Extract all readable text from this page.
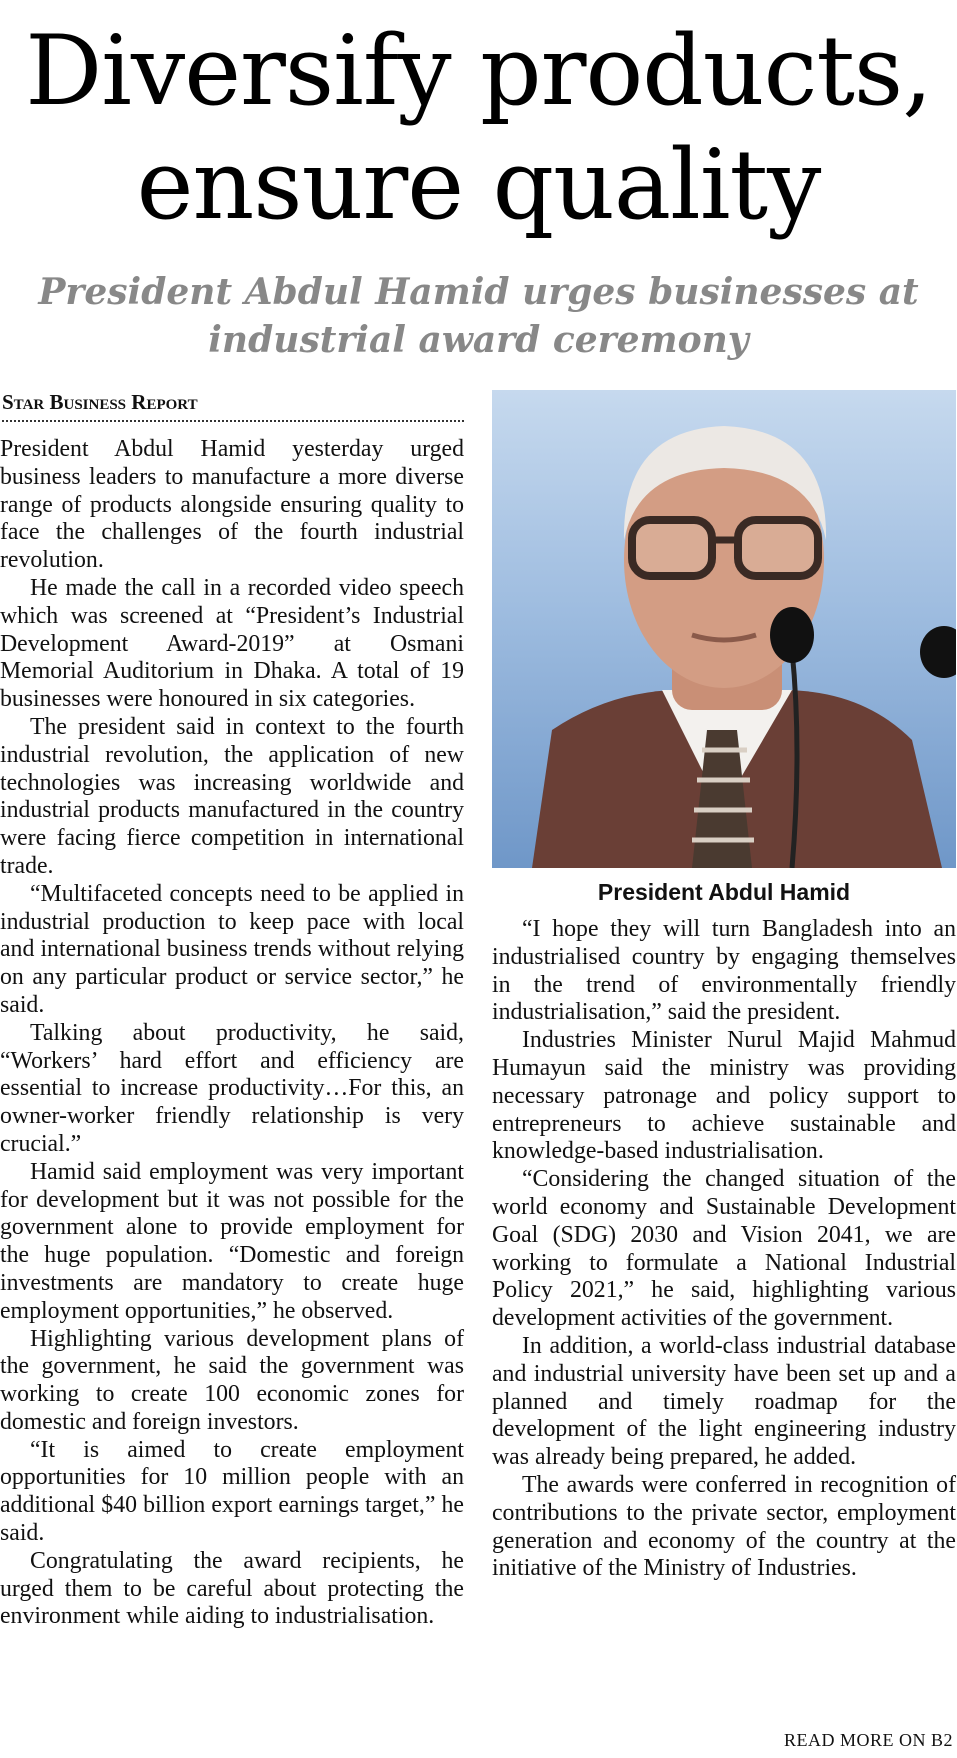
Diversify products,
ensure quality
President Abdul Hamid urges businesses at
industrial award ceremony
Star Business Report

President Abdul Hamid yesterday urged business leaders to manufacture a more diverse range of products alongside ensuring quality to face the challenges of the fourth industrial revolution.

He made the call in a recorded video speech which was screened at “President’s Industrial Development Award-2019” at Osmani Memorial Auditorium in Dhaka. A total of 19 businesses were honoured in six categories.

The president said in context to the fourth industrial revolution, the application of new technologies was increasing worldwide and industrial products manufactured in the country were facing fierce competition in international trade.

“Multifaceted concepts need to be applied in industrial production to keep pace with local and international business trends without relying on any particular product or service sector,” he said.

Talking about productivity, he said, “Workers’ hard effort and efficiency are essential to increase productivity…For this, an owner-worker friendly relationship is very crucial.”

Hamid said employment was very important for development but it was not possible for the government alone to provide employment for the huge population. “Domestic and foreign investments are mandatory to create huge employment opportunities,” he observed.

Highlighting various development plans of the government, he said the government was working to create 100 economic zones for domestic and foreign investors.

“It is aimed to create employment opportunities for 10 million people with an additional $40 billion export earnings target,” he said.

Congratulating the award recipients, he urged them to be careful about protecting the environment while aiding to industrialisation.

President Abdul Hamid

“I hope they will turn Bangladesh into an industrialised country by engaging themselves in the trend of environmentally friendly industrialisation,” said the president.

Industries Minister Nurul Majid Mahmud Humayun said the ministry was providing necessary patronage and policy support to entrepreneurs to achieve sustainable and knowledge-based industrialisation.

“Considering the changed situation of the world economy and Sustainable Development Goal (SDG) 2030 and Vision 2041, we are working to formulate a National Industrial Policy 2021,” he said, highlighting various development activities of the government.

In addition, a world-class industrial database and industrial university have been set up and a planned and timely roadmap for the development of the light engineering industry was already being prepared, he added.

The awards were conferred in recognition of contributions to the private sector, employment generation and economy of the country at the initiative of the Ministry of Industries.

READ MORE ON B2
